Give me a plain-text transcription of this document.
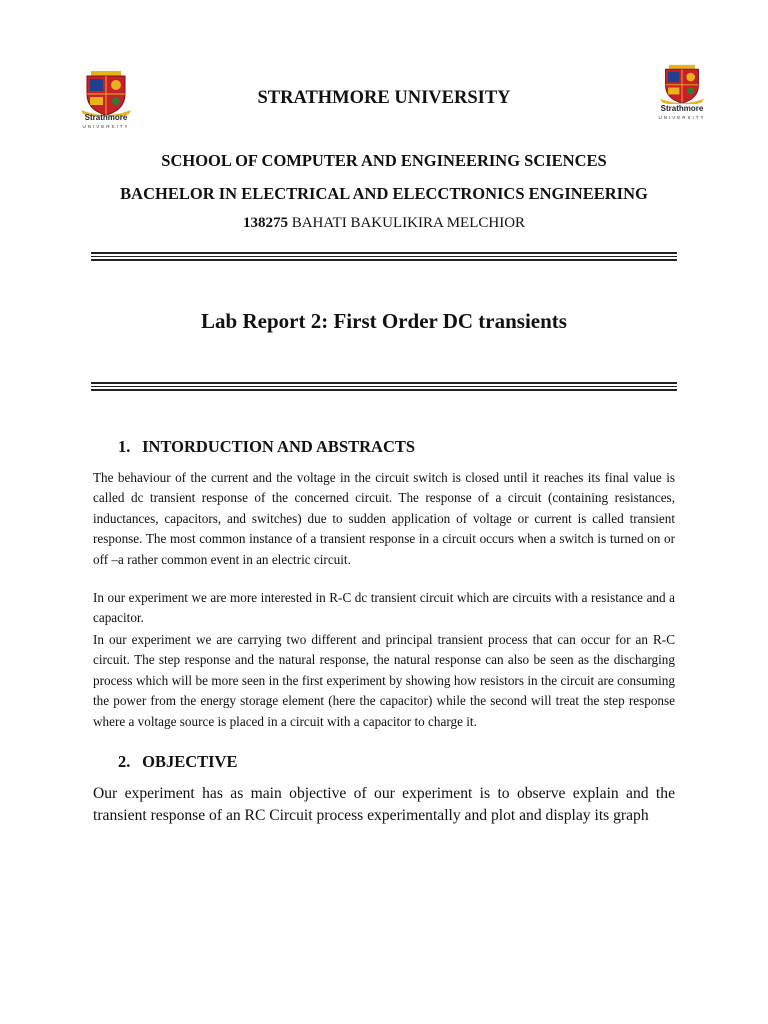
Strathmore
UNIVERSITY
Strathmore
UNIVERSITY
STRATHMORE UNIVERSITY
SCHOOL OF COMPUTER AND ENGINEERING SCIENCES
BACHELOR IN ELECTRICAL AND ELECCTRONICS ENGINEERING
138275 BAHATI BAKULIKIRA MELCHIOR
Lab Report 2: First Order DC transients
1. INTORDUCTION AND ABSTRACTS
The behaviour of the current and the voltage in the circuit switch is closed until it reaches its final value is called dc transient response of the concerned circuit. The response of a circuit (containing resistances, inductances, capacitors, and switches) due to sudden application of voltage or current is called transient response. The most common instance of a transient response in a circuit occurs when a switch is turned on or off –a rather common event in an electric circuit.
In our experiment we are more interested in R-C dc transient circuit which are circuits with a resistance and a capacitor.
In our experiment we are carrying two different and principal transient process that can occur for an R-C circuit. The step response and the natural response, the natural response can also be seen as the discharging process which will be more seen in the first experiment by showing how resistors in the circuit are consuming the power from the energy storage element (here the capacitor) while the second will treat the step response where a voltage source is placed in a circuit with a capacitor to charge it.
2. OBJECTIVE
Our experiment has as main objective of our experiment is to observe explain and the transient response of an RC Circuit process experimentally and plot and display its graph
